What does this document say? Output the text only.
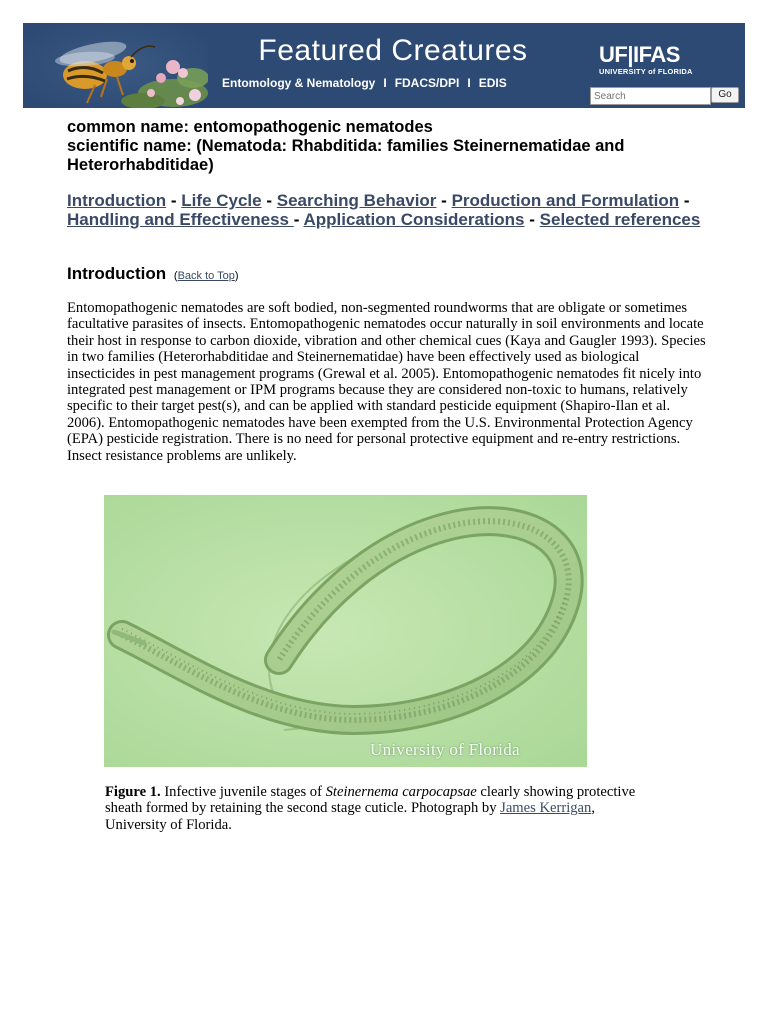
Featured Creatures
Entomology & Nematology I FDACS/DPI I EDIS
UF|IFAS
UNIVERSITY of FLORIDA
Search
Go
common name: entomopathogenic nematodes
scientific name: (Nematoda: Rhabditida: families Steinernematidae and Heterorhabditidae)
Introduction - Life Cycle - Searching Behavior - Production and Formulation - Handling and Effectiveness - Application Considerations - Selected references
Introduction (Back to Top)
Entomopathogenic nematodes are soft bodied, non-segmented roundworms that are obligate or sometimes facultative parasites of insects. Entomopathogenic nematodes occur naturally in soil environments and locate their host in response to carbon dioxide, vibration and other chemical cues (Kaya and Gaugler 1993). Species in two families (Heterorhabditidae and Steinernematidae) have been effectively used as biological insecticides in pest management programs (Grewal et al. 2005). Entomopathogenic nematodes fit nicely into integrated pest management or IPM programs because they are considered non-toxic to humans, relatively specific to their target pest(s), and can be applied with standard pesticide equipment (Shapiro-Ilan et al. 2006). Entomopathogenic nematodes have been exempted from the U.S. Environmental Protection Agency (EPA) pesticide registration. There is no need for personal protective equipment and re-entry restrictions. Insect resistance problems are unlikely.
University of Florida
Figure 1. Infective juvenile stages of Steinernema carpocapsae clearly showing protective sheath formed by retaining the second stage cuticle. Photograph by James Kerrigan, University of Florida.
